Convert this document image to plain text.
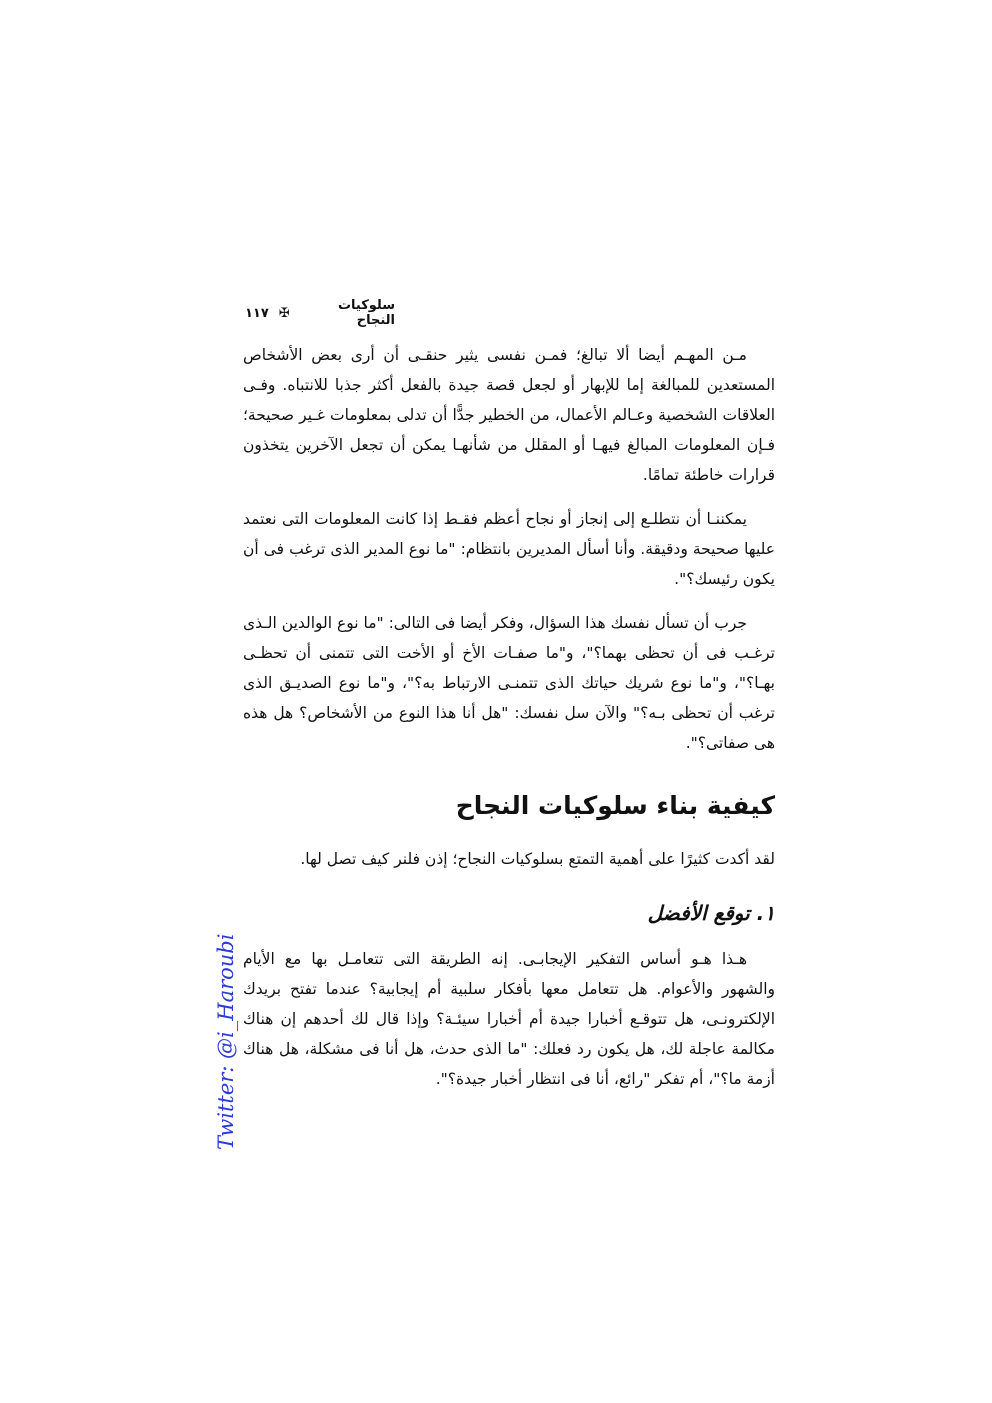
سلوكيات النجاح
✠
١١٧

مـن المهـم أيضا ألا تبالغ؛ فمـن نفسى يثير حنقـى أن أرى بعض الأشخاص المستعدين للمبالغة إما للإبهار أو لجعل قصة جيدة بالفعل أكثر جذبا للانتباه. وفـى العلاقات الشخصية وعـالم الأعمال، من الخطير جدًّا أن تدلى بمعلومات غـير صحيحة؛ فـإن المعلومات المبالغ فيهـا أو المقلل من شأنهـا يمكن أن تجعل الآخرين يتخذون قرارات خاطئة تمامًا.

يمكننـا أن نتطلـع إلى إنجاز أو نجاح أعظم فقـط إذا كانت المعلومات التى نعتمد عليها صحيحة ودقيقة. وأنا أسأل المديرين بانتظام: "ما نوع المدير الذى ترغب فى أن يكون رئيسك؟".

جرب أن تسأل نفسك هذا السؤال، وفكر أيضا فى التالى: "ما نوع الوالدين الـذى ترغـب فى أن تحظى بهما؟"، و"ما صفـات الأخ أو الأخت التى تتمنى أن تحظـى بهـا؟"، و"ما نوع شريك حياتك الذى تتمنـى الارتباط به؟"، و"ما نوع الصديـق الذى ترغب أن تحظى بـه؟" والآن سل نفسك: "هل أنا هذا النوع من الأشخاص؟ هل هذه هى صفاتى؟".

كيفية بناء سلوكيات النجاح

لقد أكدت كثيرًا على أهمية التمتع بسلوكيات النجاح؛ إذن فلنر كيف تصل لها.

١. توقع الأفضل

هـذا هـو أساس التفكير الإيجابـى. إنه الطريقة التى تتعامـل بها مع الأيام والشهور والأعوام. هل تتعامل معها بأفكار سلبية أم إيجابية؟ عندما تفتح بريدك الإلكترونـى، هل تتوقـع أخبارا جيدة أم أخبارا سيئـة؟ وإذا قال لك أحدهم إن هناك مكالمة عاجلة لك، هل يكون رد فعلك: "ما الذى حدث، هل أنا فى مشكلة، هل هناك أزمة ما؟"، أم تفكر "رائع، أنا فى انتظار أخبار جيدة؟".

Twitter: @i_Haroubi
